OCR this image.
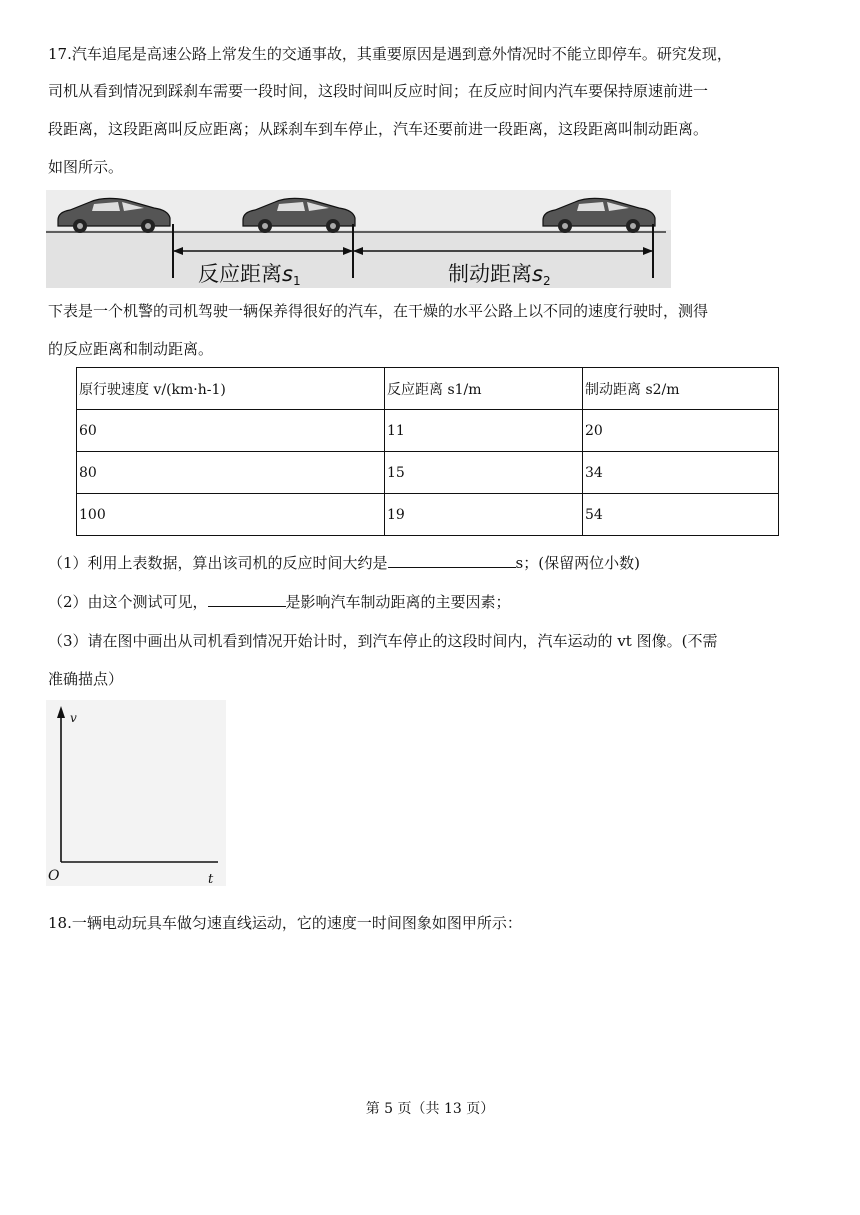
17.汽车追尾是高速公路上常发生的交通事故，其重要原因是遇到意外情况时不能立即停车。研究发现，
司机从看到情况到踩刹车需要一段时间，这段时间叫反应时间；在反应时间内汽车要保持原速前进一
段距离，这段距离叫反应距离；从踩刹车到车停止，汽车还要前进一段距离，这段距离叫制动距离。
如图所示。
反应距离s1	制动距离s2
下表是一个机警的司机驾驶一辆保养得很好的汽车，在干燥的水平公路上以不同的速度行驶时，测得
的反应距离和制动距离。
原行驶速度 v/(km·h-1)	反应距离 s1/m	制动距离 s2/m
60	11	20
80	15	34
100	19	54
（1）利用上表数据，算出该司机的反应时间大约是	s；(保留两位小数)
（2）由这个测试可见，	是影响汽车制动距离的主要因素；
（3）请在图中画出从司机看到情况开始计时，到汽车停止的这段时间内，汽车运动的 vt 图像。(不需
准确描点）
v
t
O
18.一辆电动玩具车做匀速直线运动，它的速度一时间图象如图甲所示：
第 5 页（共 13 页）
